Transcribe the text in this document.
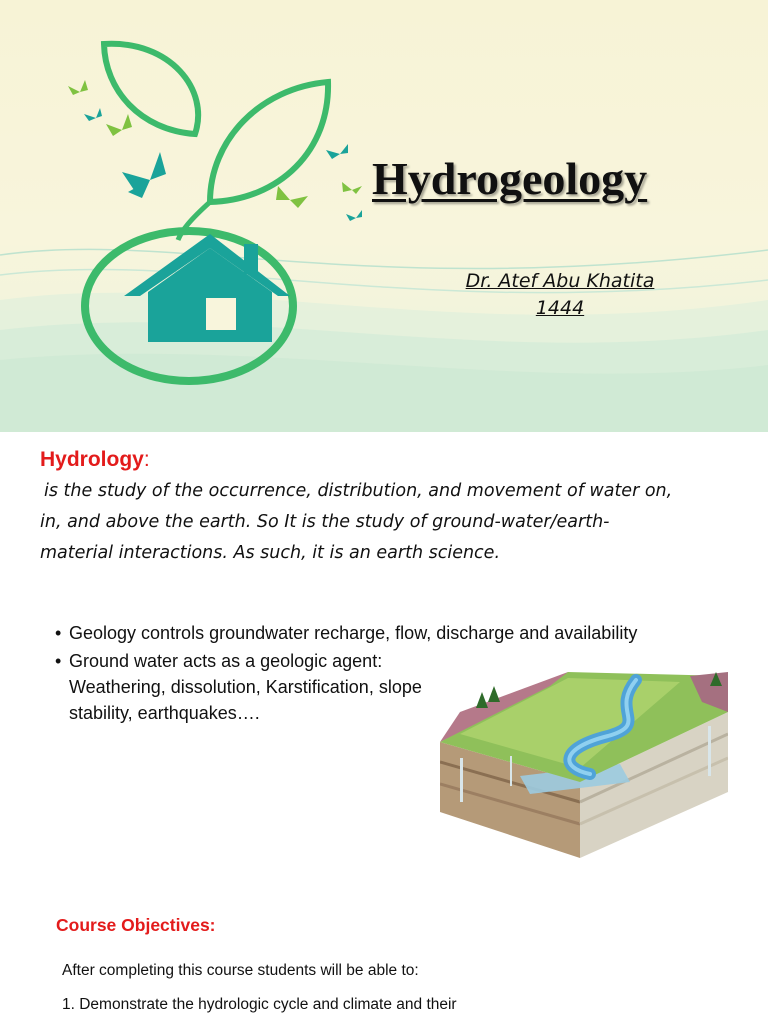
Hydrogeology
Dr. Atef Abu Khatita
1444
Hydrology:
is the study of the occurrence, distribution, and movement of water on,
in, and above the earth. So It is the study of ground-water/earth-
material interactions. As such, it is an earth science.
• Geology controls groundwater recharge, flow, discharge and availability
• Ground water acts as a geologic agent: Weathering, dissolution, Karstification, slope stability, earthquakes….
Course Objectives:
After completing this course students will be able to:
1. Demonstrate the hydrologic cycle and climate and their
